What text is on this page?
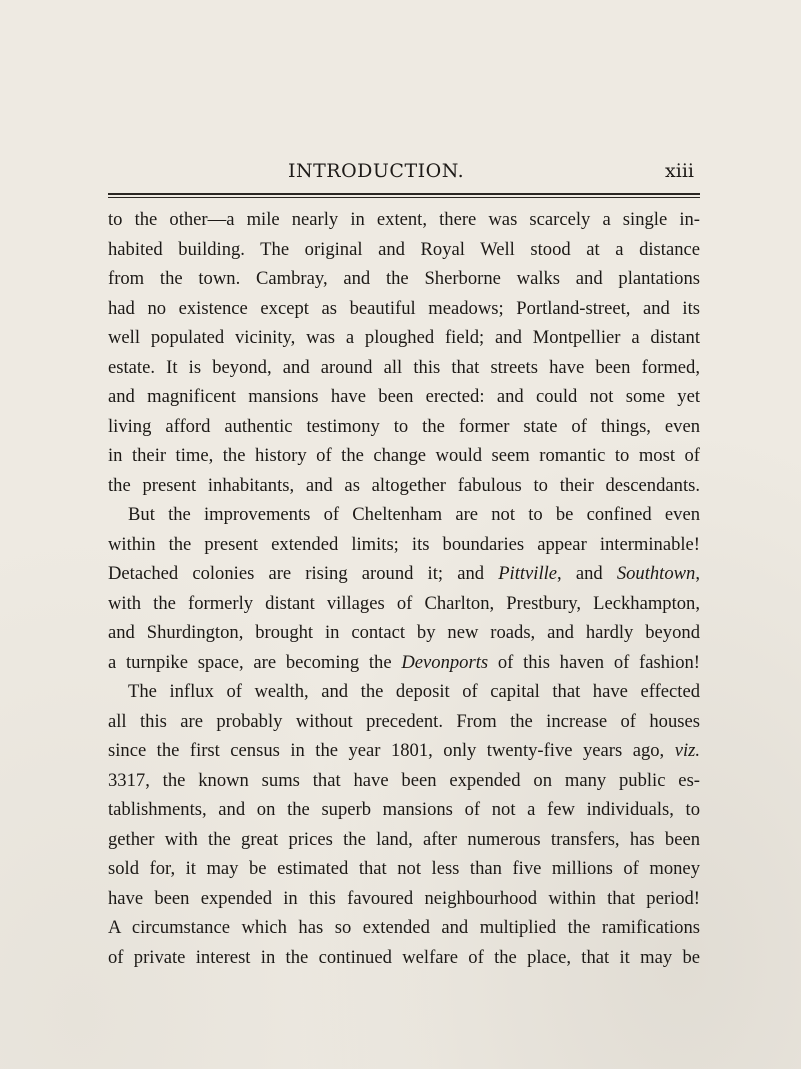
INTRODUCTION.	xiii
to the other—a mile nearly in extent, there was scarcely a single in-
habited building. The original and Royal Well stood at a distance
from the town. Cambray, and the Sherborne walks and plantations
had no existence except as beautiful meadows; Portland-street, and its
well populated vicinity, was a ploughed field; and Montpellier a distant
estate. It is beyond, and around all this that streets have been formed,
and magnificent mansions have been erected: and could not some yet
living afford authentic testimony to the former state of things, even
in their time, the history of the change would seem romantic to most of
the present inhabitants, and as altogether fabulous to their descendants.
But the improvements of Cheltenham are not to be confined even
within the present extended limits; its boundaries appear interminable!
Detached colonies are rising around it; and Pittville, and Southtown,
with the formerly distant villages of Charlton, Prestbury, Leckhampton,
and Shurdington, brought in contact by new roads, and hardly beyond
a turnpike space, are becoming the Devonports of this haven of fashion!
The influx of wealth, and the deposit of capital that have effected
all this are probably without precedent. From the increase of houses
since the first census in the year 1801, only twenty-five years ago, viz.
3317, the known sums that have been expended on many public es-
tablishments, and on the superb mansions of not a few individuals, to
gether with the great prices the land, after numerous transfers, has been
sold for, it may be estimated that not less than five millions of money
have been expended in this favoured neighbourhood within that period!
A circumstance which has so extended and multiplied the ramifications
of private interest in the continued welfare of the place, that it may be
